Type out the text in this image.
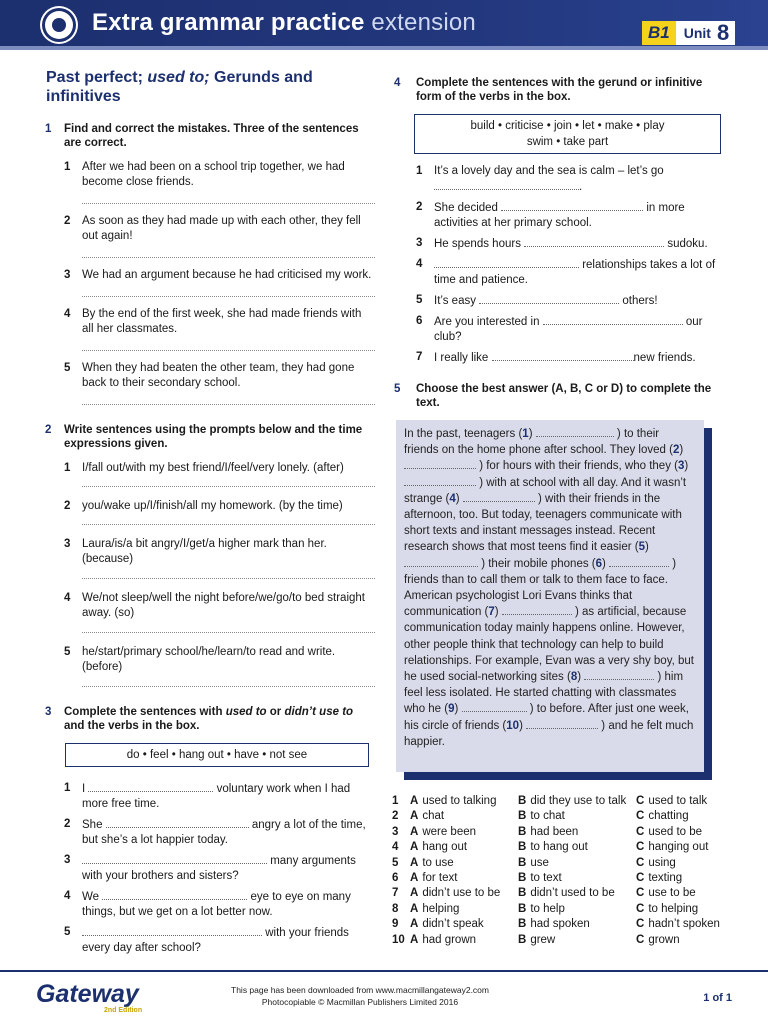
Extra grammar practice extension	B1	Unit 8
Past perfect; used to; Gerunds and infinitives
1 Find and correct the mistakes. Three of the sentences are correct.
1 After we had been on a school trip together, we had become close friends.
2 As soon as they had made up with each other, they fell out again!
3 We had an argument because he had criticised my work.
4 By the end of the first week, she had made friends with all her classmates.
5 When they had beaten the other team, they had gone back to their secondary school.
2 Write sentences using the prompts below and the time expressions given.
1 I/fall out/with my best friend/I/feel/very lonely. (after)
2 you/wake up/I/finish/all my homework. (by the time)
3 Laura/is/a bit angry/I/get/a higher mark than her. (because)
4 We/not sleep/well the night before/we/go/to bed straight away. (so)
5 he/start/primary school/he/learn/to read and write. (before)
3 Complete the sentences with used to or didn’t use to and the verbs in the box.
do • feel • hang out • have • not see
1 I	voluntary work when I had more free time.
2 She	angry a lot of the time, but she’s a lot happier today.
3	many arguments with your brothers and sisters?
4 We	eye to eye on many things, but we get on a lot better now.
5	with your friends every day after school?
4 Complete the sentences with the gerund or infinitive form of the verbs in the box.
build • criticise • join • let • make • play
swim • take part
1 It’s a lovely day and the sea is calm – let’s go
.
2 She decided	in more activities at her primary school.
3 He spends hours	sudoku.
4	relationships takes a lot of time and patience.
5 It’s easy	others!
6 Are you interested in	our club?
7 I really like	new friends.
5 Choose the best answer (A, B, C or D) to complete the text.
In the past, teenagers (1)	) to their friends on the home phone after school. They loved (2)  ) for hours with their friends, who they (3)  ) with at school with all day. And it wasn’t strange (4)	) with their friends in the afternoon, too. But today, teenagers communicate with short texts and instant messages instead. Recent research shows that most teens find it easier (5)  ) their mobile phones (6)	) friends than to call them or talk to them face to face. American psychologist Lori Evans thinks that communication (7)	) as artificial, because communication today mainly happens online. However, other people think that technology can help to build relationships. For example, Evan was a very shy boy, but he used social-networking sites (8)	) him feel less isolated. He started chatting with classmates who he (9)	) to before. After just one week, his circle of friends (10)	) and he felt much happier.
1	A used to talking	B did they use to talk C used to talk
2	A chat	B to chat	C chatting
3	A were been	B had been	C used to be
4	A hang out	B to hang out	C hanging out
5	A to use	B use	C using
6	A for text	B to text	C texting
7	A didn’t use to be	B didn’t used to be	C use to be
8	A helping	B to help	C to helping
9	A didn’t speak	B had spoken	C hadn’t spoken
10 A had grown	B grew	C grown
Gateway
2nd Edition
This page has been downloaded from www.macmillangateway2.com
Photocopiable © Macmillan Publishers Limited 2016	1 of 1
